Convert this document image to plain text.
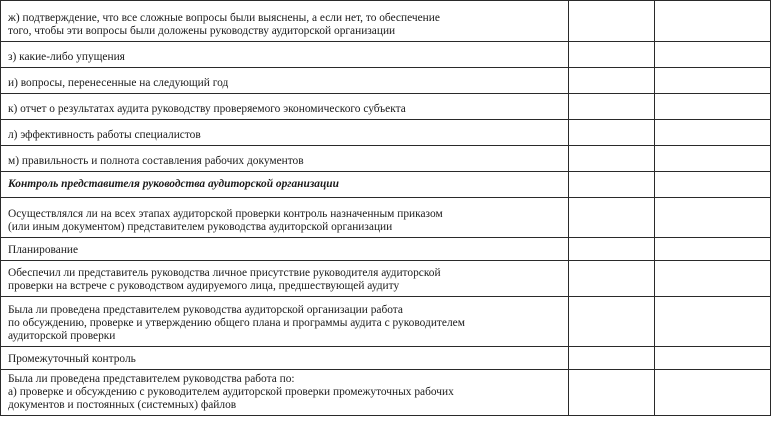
ж) подтверждение, что все сложные вопросы были выяснены, а если нет, то обеспечение
того, чтобы эти вопросы были доложены руководству аудиторской организации		

з) какие-либо упущения		

и) вопросы, перенесенные на следующий год		

к) отчет о результатах аудита руководству проверяемого экономического субъекта		

л) эффективность работы специалистов		

м) правильность и полнота составления рабочих документов		

Контроль представителя руководства аудиторской организации		

Осуществлялся ли на всех этапах аудиторской проверки контроль назначенным приказом
(или иным документом) представителем руководства аудиторской организации		

Планирование		

Обеспечил ли представитель руководства личное присутствие руководителя аудиторской
проверки на встрече с руководством аудируемого лица, предшествующей аудиту		

Была ли проведена представителем руководства аудиторской организации работа
по обсуждению, проверке и утверждению общего плана и программы аудита с руководителем
аудиторской проверки		

Промежуточный контроль		

Была ли проведена представителем руководства работа по:
а) проверке и обсуждению с руководителем аудиторской проверки промежуточных рабочих
документов и постоянных (системных) файлов		
